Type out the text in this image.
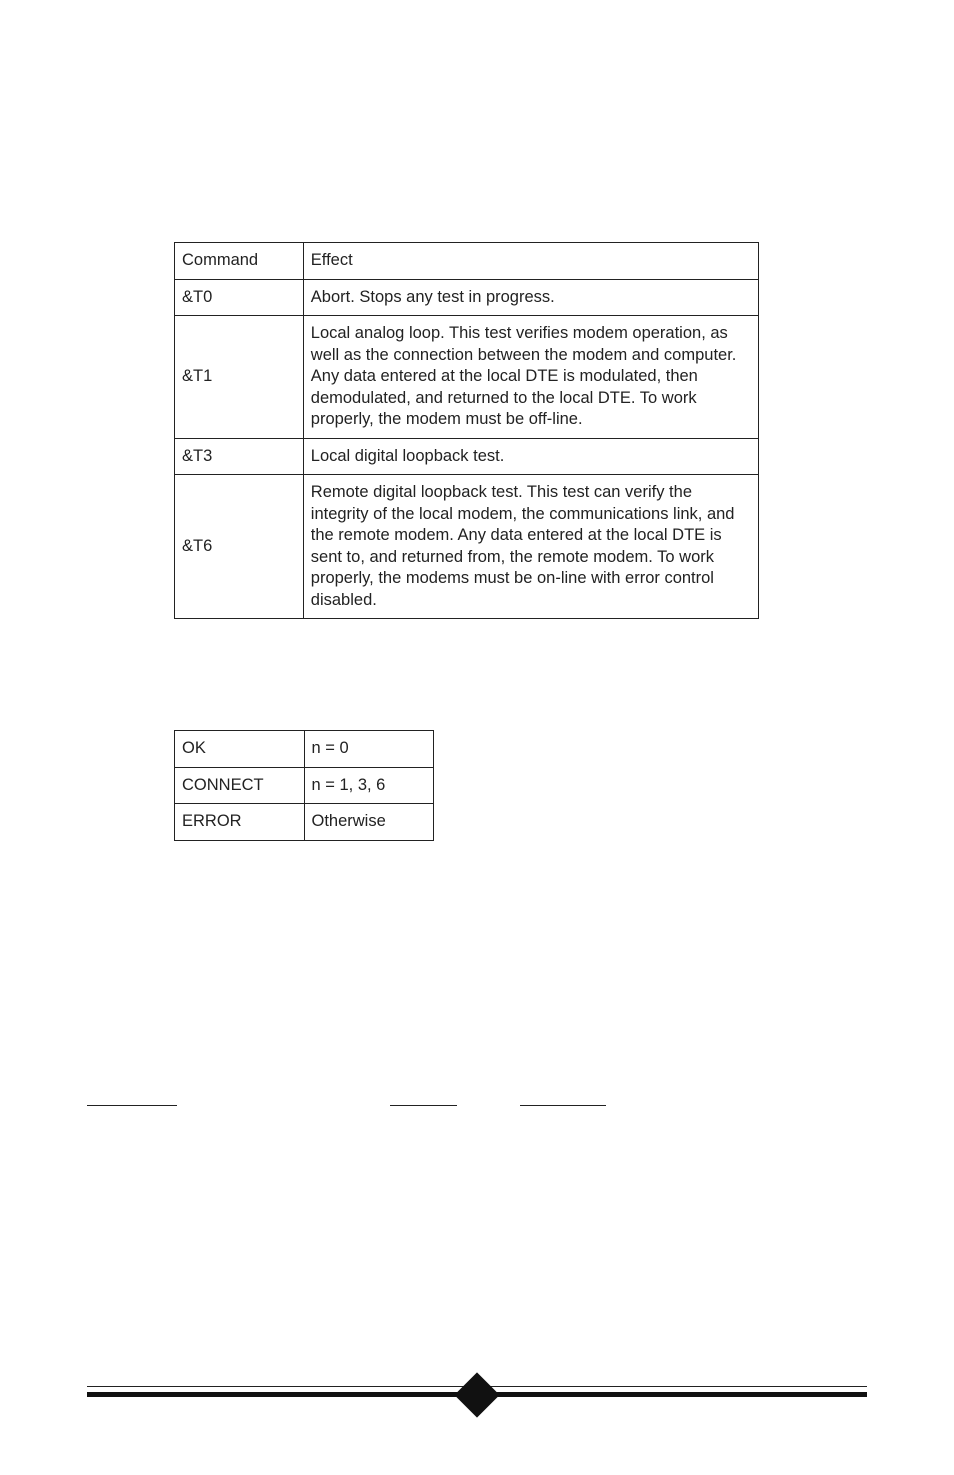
Command	Effect
&T0	Abort. Stops any test in progress.
&T1	Local analog loop. This test verifies modem operation, as well as the connection between the modem and computer. Any data entered at the local DTE is modulated, then demodulated, and returned to the local DTE. To work properly, the modem must be off-line.
&T3	Local digital loopback test.
&T6	Remote digital loopback test. This test can verify the integrity of the local modem, the communications link, and the remote modem. Any data entered at the local DTE is sent to, and returned from, the remote modem. To work properly, the modems must be on-line with error control disabled.
OK	n = 0
CONNECT	n = 1, 3, 6
ERROR	Otherwise
